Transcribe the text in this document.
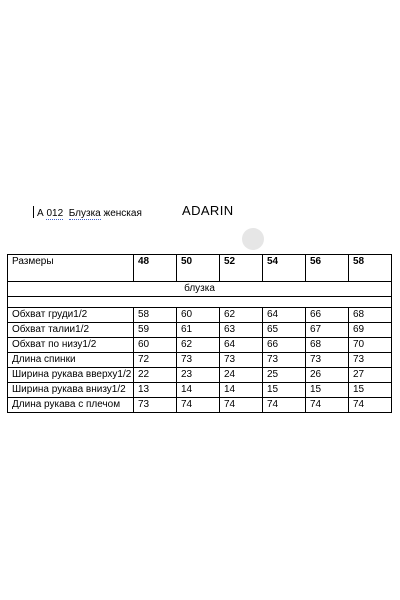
А 012 Блузка женская	ADARIN
Размеры	48	50	52	54	56	58
блузка						

Обхват груди1/2	58	60	62	64	66	68
Обхват талии1/2	59	61	63	65	67	69
Обхват по низу1/2	60	62	64	66	68	70
Длина спинки	72	73	73	73	73	73
Ширина рукава вверху1/2	22	23	24	25	26	27
Ширина рукава внизу1/2	13	14	14	15	15	15
Длина рукава с плечом	73	74	74	74	74	74
